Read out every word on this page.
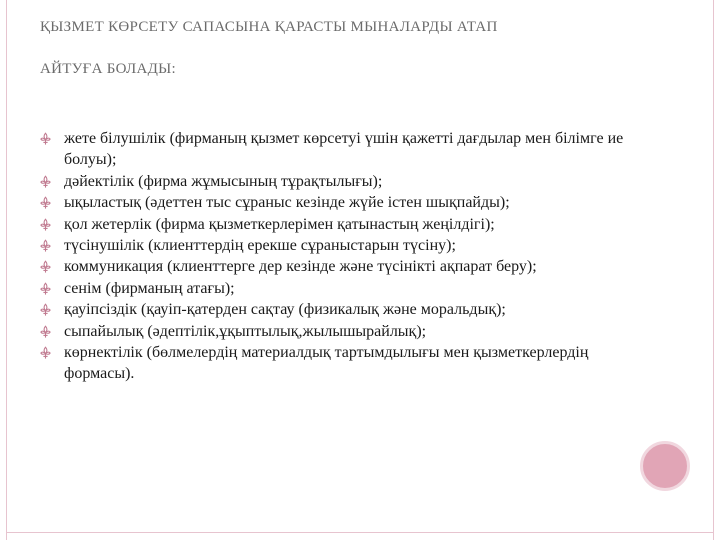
ҚЫЗМЕТ КӨРСЕТУ САПАСЫНА ҚАРАСТЫ МЫНАЛАРДЫ АТАП
АЙТУҒА БОЛАДЫ:
жете білушілік (фирманың қызмет көрсетуі үшін қажетті дағдылар мен білімге ие болуы);
дәйектілік (фирма жұмысының тұрақтылығы);
ықыластық (әдеттен тыс сұраныс кезінде жүйе істен шықпайды);
қол жетерлік (фирма қызметкерлерімен қатынастың жеңілдігі);
түсінушілік (клиенттердің ерекше сұраныстарын түсіну);
коммуникация (клиенттерге дер кезінде және түсінікті ақпарат беру);
сенім (фирманың атағы);
қауіпсіздік (қауіп-қатерден сақтау (физикалық және моральдық);
сыпайылық (әдептілік,ұқыптылық,жылышырайлық);
көрнектілік (бөлмелердің материалдық тартымдылығы мен қызметкерлердің формасы).
